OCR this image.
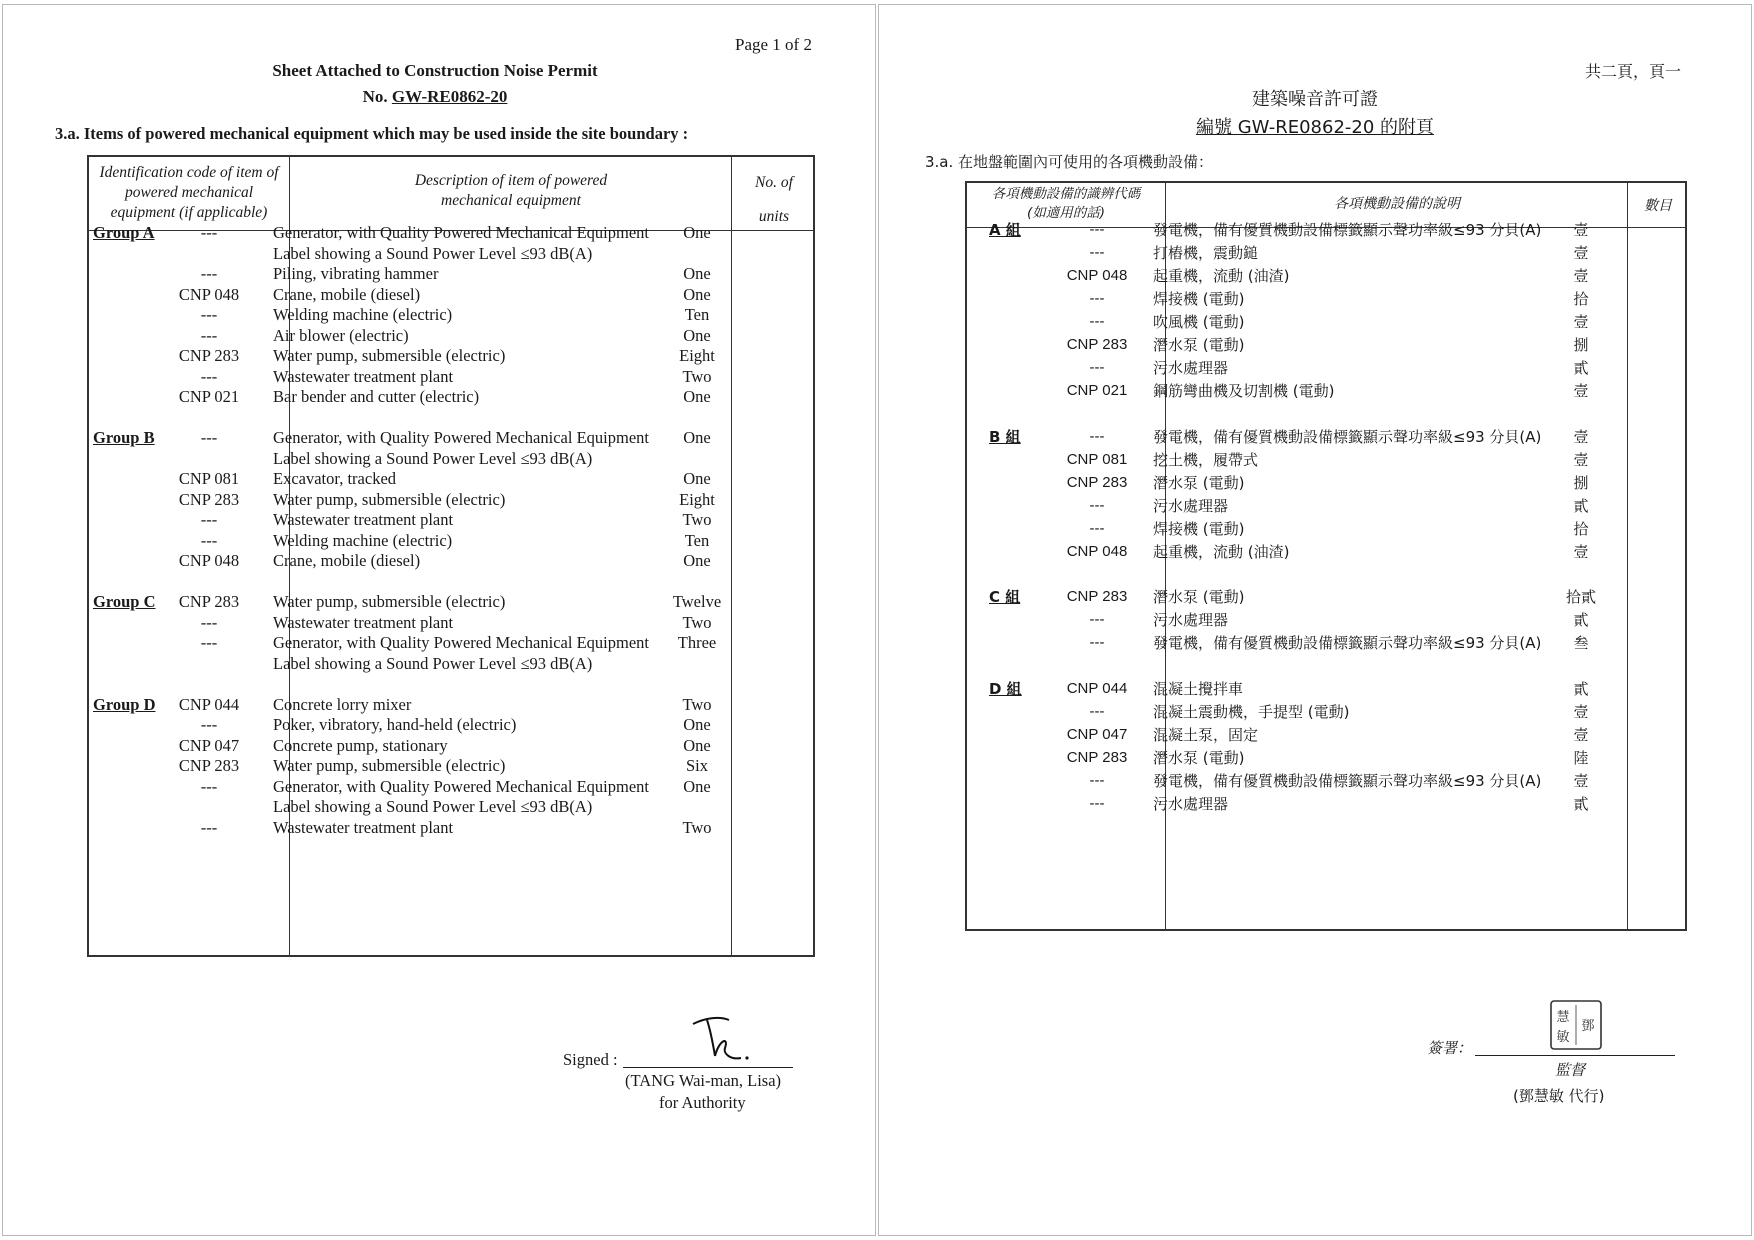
Page 1 of 2
Sheet Attached to Construction Noise Permit
No. GW-RE0862-20
3.a. Items of powered mechanical equipment which may be used inside the site boundary :
Identification code of item of powered mechanical equipment (if applicable)
Description of item of powered mechanical equipment
No. of
units
Group A	---	Generator, with Quality Powered Mechanical Equipment	One
Label showing a Sound Power Level ≤93 dB(A)
---	Piling, vibrating hammer	One
CNP 048	Crane, mobile (diesel)	One
---	Welding machine (electric)	Ten
---	Air blower (electric)	One
CNP 283	Water pump, submersible (electric)	Eight
---	Wastewater treatment plant	Two
CNP 021	Bar bender and cutter (electric)	One
Group B	---	Generator, with Quality Powered Mechanical Equipment	One
Label showing a Sound Power Level ≤93 dB(A)
CNP 081	Excavator, tracked	One
CNP 283	Water pump, submersible (electric)	Eight
---	Wastewater treatment plant	Two
---	Welding machine (electric)	Ten
CNP 048	Crane, mobile (diesel)	One
Group C	CNP 283	Water pump, submersible (electric)	Twelve
---	Wastewater treatment plant	Two
---	Generator, with Quality Powered Mechanical Equipment	Three
Label showing a Sound Power Level ≤93 dB(A)
Group D	CNP 044	Concrete lorry mixer	Two
---	Poker, vibratory, hand-held (electric)	One
CNP 047	Concrete pump, stationary	One
CNP 283	Water pump, submersible (electric)	Six
---	Generator, with Quality Powered Mechanical Equipment	One
Label showing a Sound Power Level ≤93 dB(A)
---	Wastewater treatment plant	Two
Signed :
(TANG Wai-man, Lisa)
for Authority
共二頁，頁一
建築噪音許可證
編號 GW-RE0862-20 的附頁
3.a. 在地盤範圍內可使用的各項機動設備：
各項機動設備的識辨代碼
(如適用的話)
各項機動設備的說明	數目
A 組	---	發電機，備有優質機動設備標籤顯示聲功率級≤93 分貝(A)	壹
---	打樁機，震動鎚	壹
CNP 048	起重機，流動 (油渣)	壹
---	焊接機 (電動)	拾
---	吹風機 (電動)	壹
CNP 283	潛水泵 (電動)	捌
---	污水處理器	貳
CNP 021	鋼筋彎曲機及切割機 (電動)	壹
B 組	---	發電機，備有優質機動設備標籤顯示聲功率級≤93 分貝(A)	壹
CNP 081	挖土機，履帶式	壹
CNP 283	潛水泵 (電動)	捌
---	污水處理器	貳
---	焊接機 (電動)	拾
CNP 048	起重機，流動 (油渣)	壹
C 組	CNP 283	潛水泵 (電動)	拾貳
---	污水處理器	貳
---	發電機，備有優質機動設備標籤顯示聲功率級≤93 分貝(A)	叁
D 組	CNP 044	混凝土攪拌車	貳
---	混凝土震動機，手提型 (電動)	壹
CNP 047	混凝土泵，固定	壹
CNP 283	潛水泵 (電動)	陸
---	發電機，備有優質機動設備標籤顯示聲功率級≤93 分貝(A)	壹
---	污水處理器	貳
簽署：
慧
敏
鄧
監督
(鄧慧敏 代行)
